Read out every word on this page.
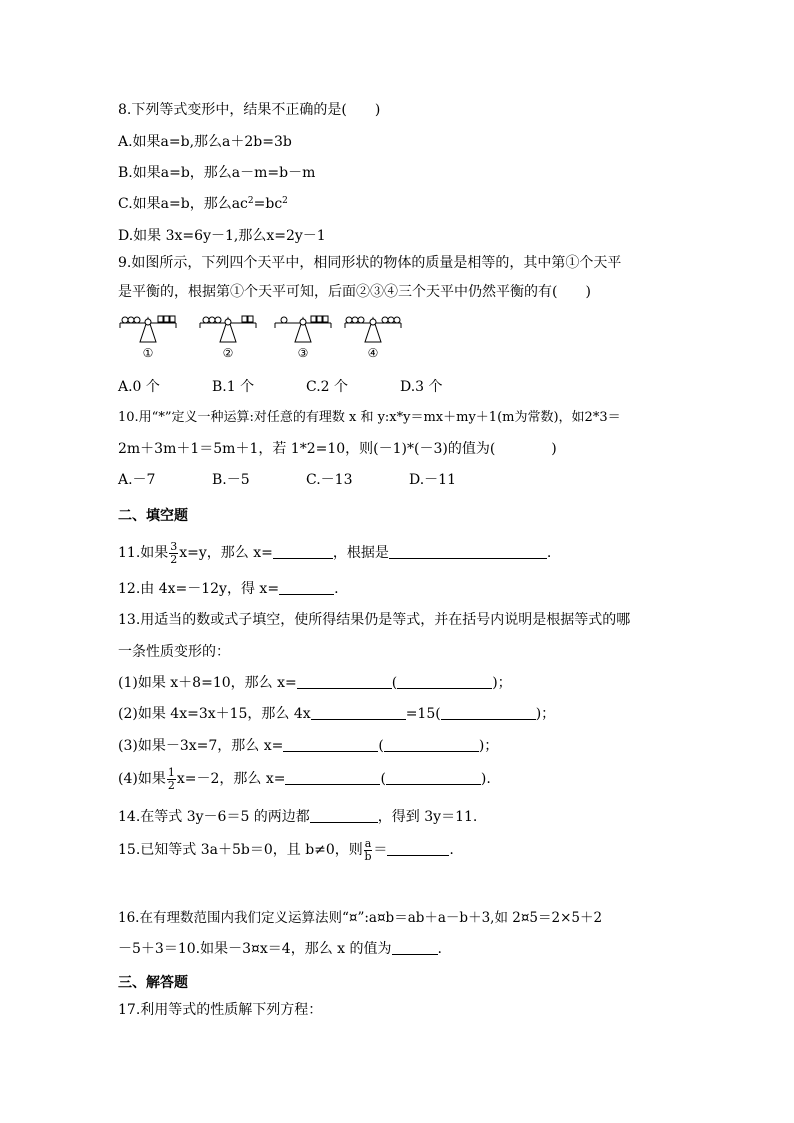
8.下列等式变形中，结果不正确的是(　　)
A.如果a=b,那么a＋2b=3b
B.如果a=b，那么a－m=b－m
C.如果a=b，那么$ac^2=bc^2$
D.如果 3x=6y－1,那么x=2y－1
9.如图所示，下列四个天平中，相同形状的物体的质量是相等的，其中第①个天平
是平衡的，根据第①个天平可知，后面②③④三个天平中仍然平衡的有(　　)
①	②	③	④
A.0 个	B.1 个	C.2 个	D.3 个
10.用“*”定义一种运算:对任意的有理数 x 和 y:x*y＝mx＋my＋1(m为常数)，如2*3＝
2m＋3m＋1＝5m＋1，若 1*2=10，则(－1)*(－3)的值为(　　　　)
A.－7	B.－5	C.－13	D.－11
二、填空题
11.如果 $\frac{3}{2} x=y$，那么 x=	，根据是	.
12.由 4x=－12y，得 x=	.
13.用适当的数或式子填空，使所得结果仍是等式，并在括号内说明是根据等式的哪
一条性质变形的：
(1)如果 x＋8=10，那么 x=	(	)；
(2)如果 4x=3x＋15，那么 4x	=15(	)；
(3)如果－3x=7，那么 x=	(	)；
(4)如果 $\frac{1}{2} x=-2$，那么 x=	(	).
14.在等式 3y－6＝5 的两边都	，得到 3y＝11.
15.已知等式 3a＋5b＝0，且 b≠0，则 $\frac{a}{b}$ ＝	.
16.在有理数范围内我们定义运算法则“¤”:a¤b＝ab＋a－b＋3,如 2¤5＝2×5＋2
－5＋3＝10.如果－3¤x＝4，那么 x 的值为	.
三、解答题
17.利用等式的性质解下列方程：
